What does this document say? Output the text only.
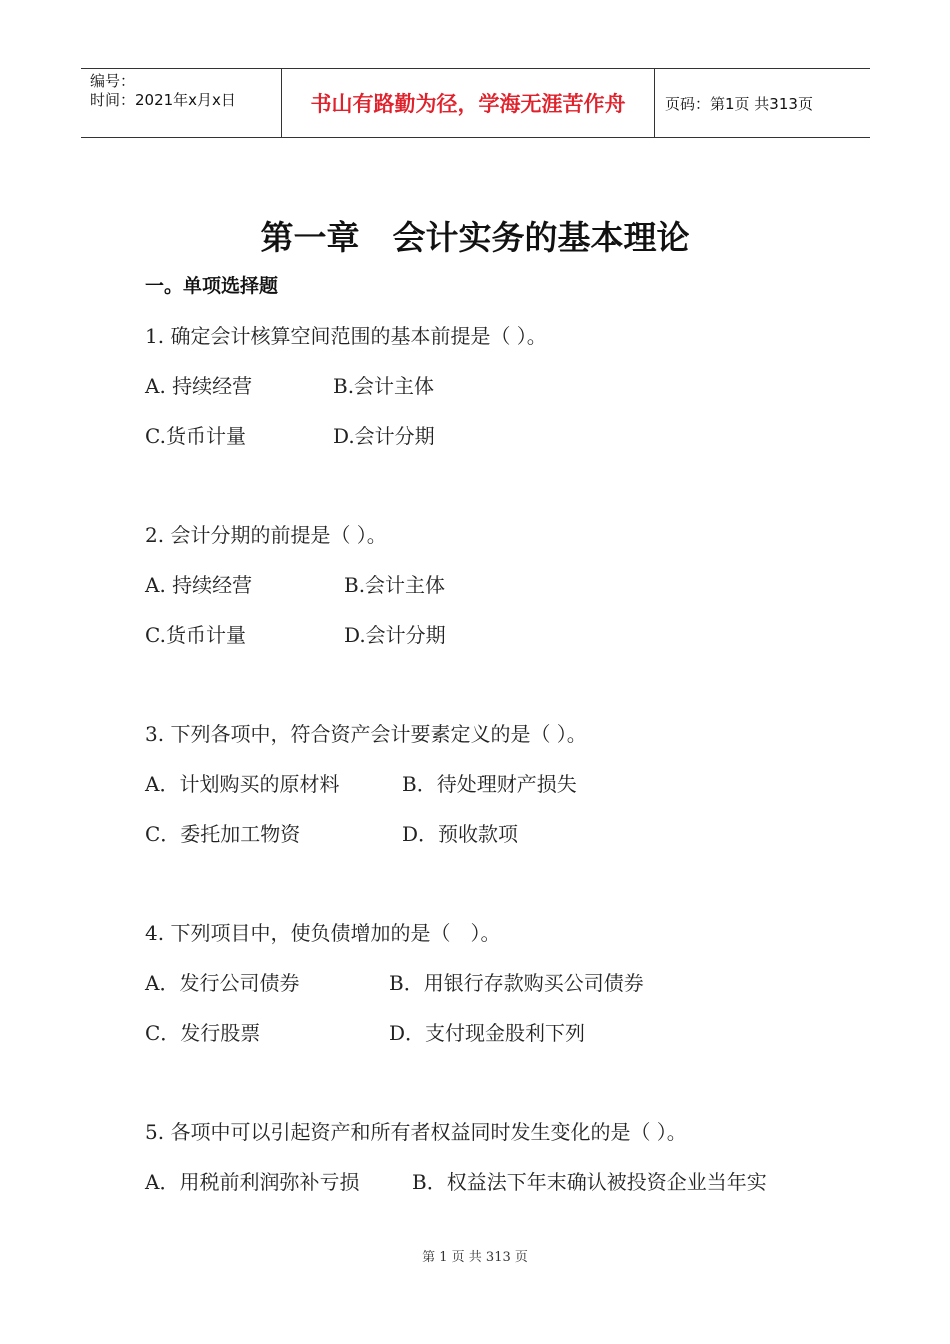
编号：
时间：2021年x月x日	书山有路勤为径，学海无涯苦作舟	页码：第1页 共313页
第一章　会计实务的基本理论
一。单项选择题
1. 确定会计核算空间范围的基本前提是（ ）。
A. 持续经营	B.会计主体
C.货币计量	D.会计分期
2. 会计分期的前提是（ ）。
A. 持续经营	B.会计主体
C.货币计量	D.会计分期
3. 下列各项中，符合资产会计要素定义的是（ ）。
A．计划购买的原材料	B．待处理财产损失
C．委托加工物资	D．预收款项
4. 下列项目中，使负债增加的是（　）。
A．发行公司债券	B．用银行存款购买公司债券
C．发行股票	D．支付现金股利下列
5. 各项中可以引起资产和所有者权益同时发生变化的是（ ）。
A．用税前利润弥补亏损	B．权益法下年末确认被投资企业当年实
第 1 页 共 313 页
